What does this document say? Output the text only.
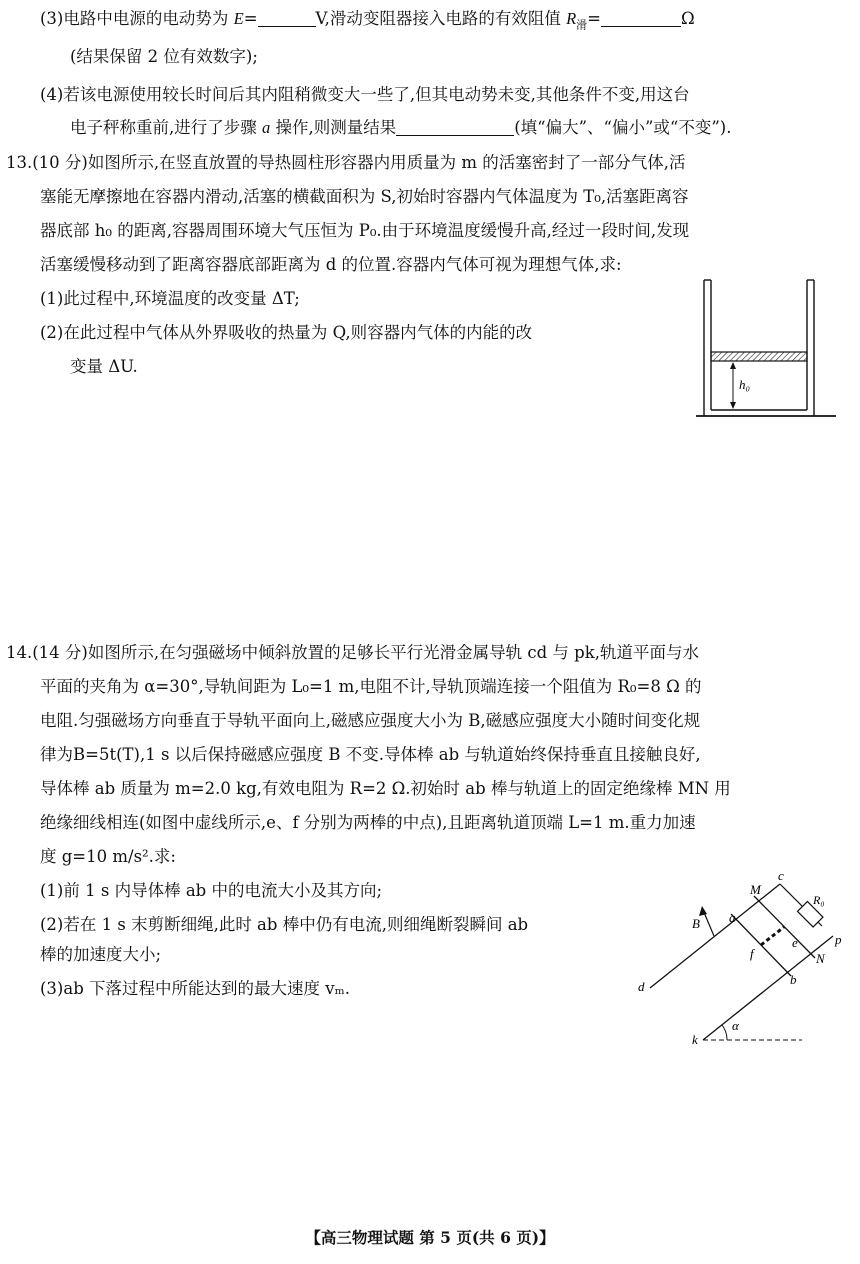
(3)电路中电源的电动势为 E=	V,滑动变阻器接入电路的有效阻值 $R_滑=$	Ω
(结果保留 2 位有效数字);
(4)若该电源使用较长时间后其内阻稍微变大一些了,但其电动势未变,其他条件不变,用这台
电子秤称重前,进行了步骤 a 操作,则测量结果	(填“偏大”、“偏小”或“不变”).
13.(10 分)如图所示,在竖直放置的导热圆柱形容器内用质量为 m 的活塞密封了一部分气体,活
塞能无摩擦地在容器内滑动,活塞的横截面积为 S,初始时容器内气体温度为 T₀,活塞距离容
器底部 h₀ 的距离,容器周围环境大气压恒为 P₀.由于环境温度缓慢升高,经过一段时间,发现
活塞缓慢移动到了距离容器底部距离为 d 的位置.容器内气体可视为理想气体,求:
(1)此过程中,环境温度的改变量 ΔT;
(2)在此过程中气体从外界吸收的热量为 Q,则容器内气体的内能的改
变量 ΔU.
h₀
14.(14 分)如图所示,在匀强磁场中倾斜放置的足够长平行光滑金属导轨 cd 与 pk,轨道平面与水
平面的夹角为 α=30°,导轨间距为 L₀=1 m,电阻不计,导轨顶端连接一个阻值为 R₀=8 Ω 的
电阻.匀强磁场方向垂直于导轨平面向上,磁感应强度大小为 B,磁感应强度大小随时间变化规
律为B=5t(T),1 s 以后保持磁感应强度 B 不变.导体棒 ab 与轨道始终保持垂直且接触良好,
导体棒 ab 质量为 m=2.0 kg,有效电阻为 R=2 Ω.初始时 ab 棒与轨道上的固定绝缘棒 MN 用
绝缘细线相连(如图中虚线所示,e、f 分别为两棒的中点),且距离轨道顶端 L=1 m.重力加速
度 g=10 m/s².求:
(1)前 1 s 内导体棒 ab 中的电流大小及其方向;
(2)若在 1 s 末剪断细绳,此时 ab 棒中仍有电流,则细绳断裂瞬间 ab
棒的加速度大小;
(3)ab 下落过程中所能达到的最大速度 vₘ.
c
M
R₀
a
e
B
p
f	N
b
d
k
α
【高三物理试题 第 5 页(共 6 页)】
